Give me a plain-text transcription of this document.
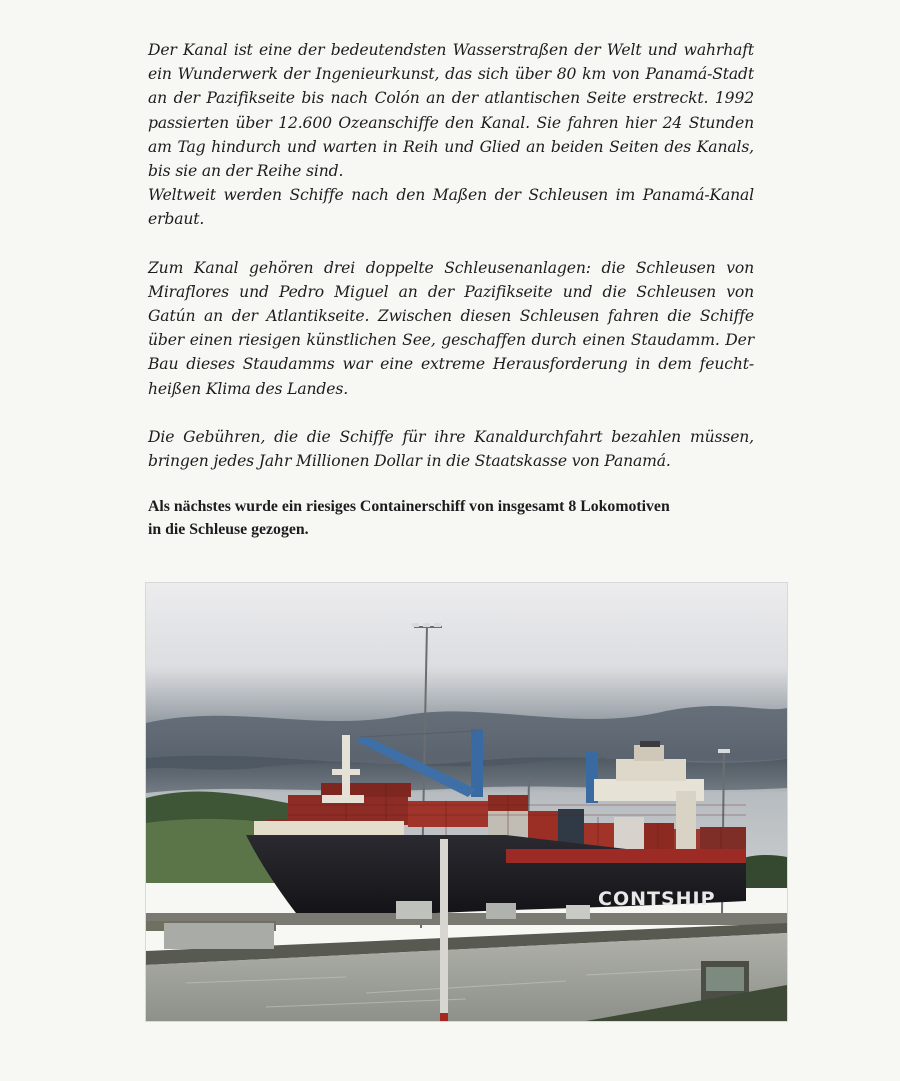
Der Kanal ist eine der bedeutendsten Wasserstraßen der Welt und wahrhaft
ein Wunderwerk der Ingenieurkunst, das sich über 80 km von Panamá-Stadt
an der Pazifikseite bis nach Colón an der atlantischen Seite erstreckt. 1992
passierten über 12.600 Ozeanschiffe den Kanal. Sie fahren hier 24 Stunden
am Tag hindurch und warten in Reih und Glied an beiden Seiten des Kanals,
bis sie an der Reihe sind.
Weltweit werden Schiffe nach den Maßen der Schleusen im Panamá-Kanal
erbaut.

Zum Kanal gehören drei doppelte Schleusenanlagen: die Schleusen von
Miraflores und Pedro Miguel an der Pazifikseite und die Schleusen von
Gatún an der Atlantikseite. Zwischen diesen Schleusen fahren die Schiffe
über einen riesigen künstlichen See, geschaffen durch einen Staudamm. Der
Bau dieses Staudamms war eine extreme Herausforderung in dem feucht-
heißen Klima des Landes.

Die Gebühren, die die Schiffe für ihre Kanaldurchfahrt bezahlen müssen,
bringen jedes Jahr Millionen Dollar in die Staatskasse von Panamá.

Als nächstes wurde ein riesiges Containerschiff von insgesamt 8 Lokomotiven
in die Schleuse gezogen.

CONTSHIP
